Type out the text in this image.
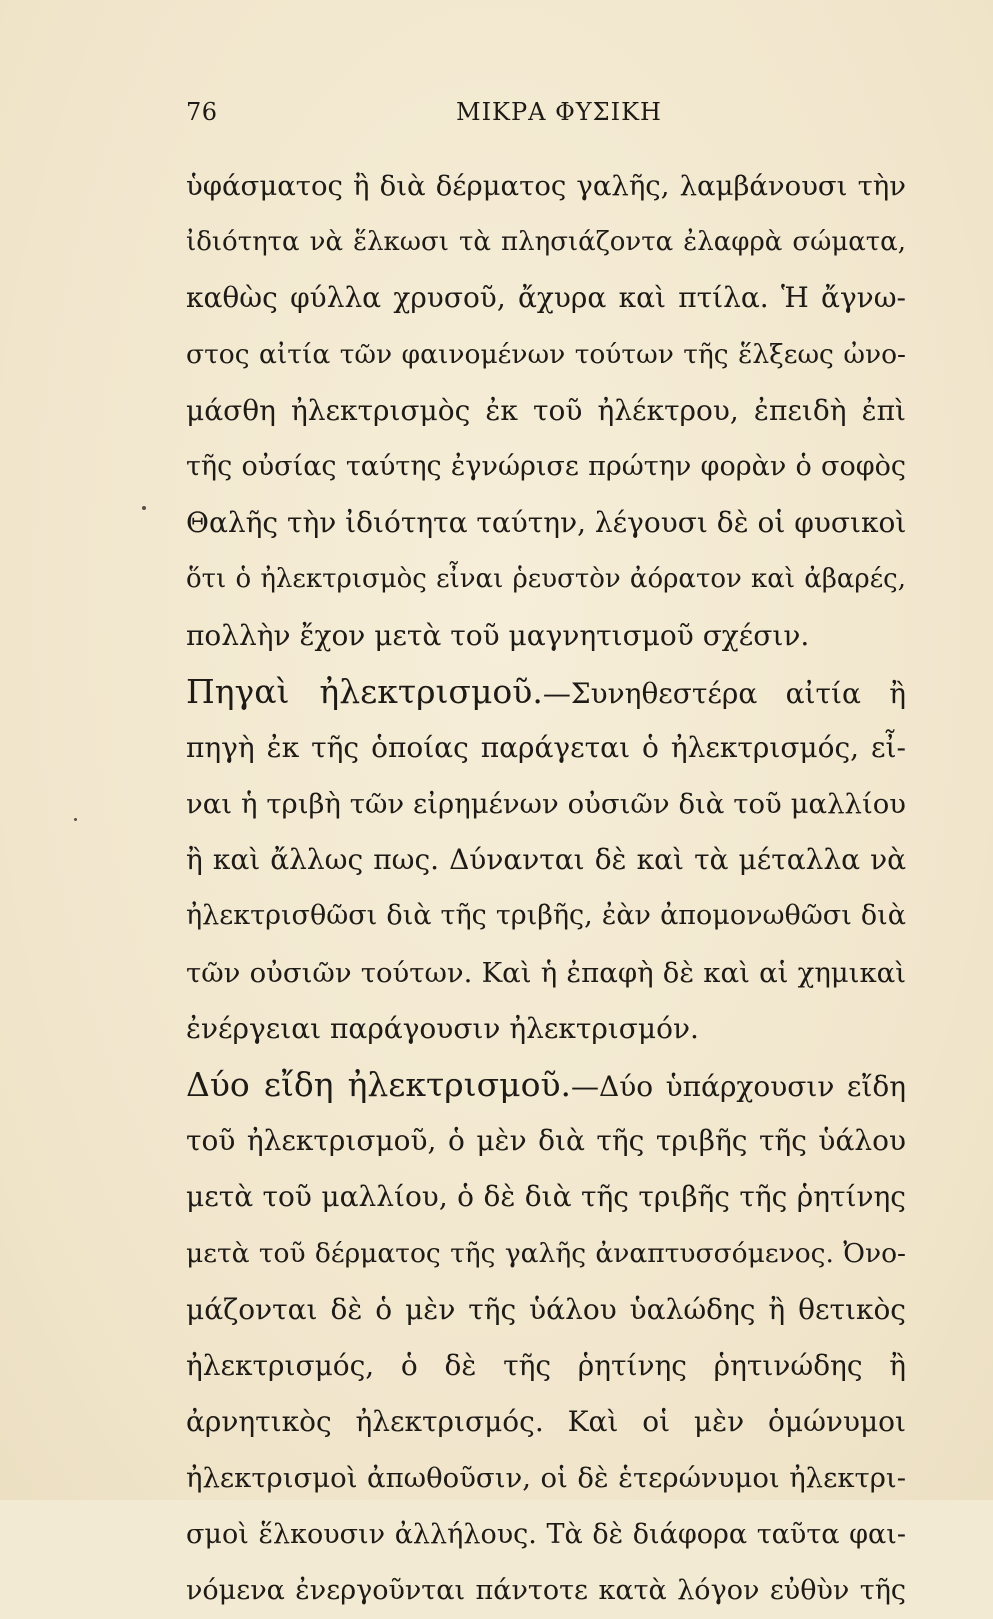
76	ΜΙΚΡΑ ΦΥΣΙΚΗ
ὑφάσματος ἢ διὰ δέρματος γαλῆς, λαμβάνουσι τὴν
ἰδιότητα νὰ ἕλκωσι τὰ πλησιάζοντα ἐλαφρὰ σώματα,
καθὼς φύλλα χρυσοῦ, ἄχυρα καὶ πτίλα. Ἡ ἄγνω-
στος αἰτία τῶν φαινομένων τούτων τῆς ἕλξεως ὠνο-
μάσθη ἠλεκτρισμὸς ἐκ τοῦ ἠλέκτρου, ἐπειδὴ ἐπὶ
τῆς οὐσίας ταύτης ἐγνώρισε πρώτην φορὰν ὁ σοφὸς
Θαλῆς τὴν ἰδιότητα ταύτην, λέγουσι δὲ οἱ φυσικοὶ
ὅτι ὁ ἠλεκτρισμὸς εἶναι ῥευστὸν ἀόρατον καὶ ἀβαρές,
πολλὴν ἔχον μετὰ τοῦ μαγνητισμοῦ σχέσιν.
Πηγαὶ ἠλεκτρισμοῦ.—Συνηθεστέρα αἰτία ἢ
πηγὴ ἐκ τῆς ὁποίας παράγεται ὁ ἠλεκτρισμός, εἶ-
ναι ἡ τριβὴ τῶν εἰρημένων οὐσιῶν διὰ τοῦ μαλλίου
ἢ καὶ ἄλλως πως. Δύνανται δὲ καὶ τὰ μέταλλα νὰ
ἠλεκτρισθῶσι διὰ τῆς τριβῆς, ἐὰν ἀπομονωθῶσι διὰ
τῶν οὐσιῶν τούτων. Καὶ ἡ ἐπαφὴ δὲ καὶ αἱ χημικαὶ
ἐνέργειαι παράγουσιν ἠλεκτρισμόν.
Δύο εἴδη ἠλεκτρισμοῦ.—Δύο ὑπάρχουσιν εἴδη
τοῦ ἠλεκτρισμοῦ, ὁ μὲν διὰ τῆς τριβῆς τῆς ὑάλου
μετὰ τοῦ μαλλίου, ὁ δὲ διὰ τῆς τριβῆς τῆς ῥητίνης
μετὰ τοῦ δέρματος τῆς γαλῆς ἀναπτυσσόμενος. Ὀνο-
μάζονται δὲ ὁ μὲν τῆς ὑάλου ὑαλώδης ἢ θετικὸς
ἠλεκτρισμός, ὁ δὲ τῆς ῥητίνης ῥητινώδης ἢ
ἀρνητικὸς ἠλεκτρισμός. Καὶ οἱ μὲν ὁμώνυμοι
ἠλεκτρισμοὶ ἀπωθοῦσιν, οἱ δὲ ἑτερώνυμοι ἠλεκτρι-
σμοὶ ἕλκουσιν ἀλλήλους. Τὰ δὲ διάφορα ταῦτα φαι-
νόμενα ἐνεργοῦνται πάντοτε κατὰ λόγον εὐθὺν τῆς
